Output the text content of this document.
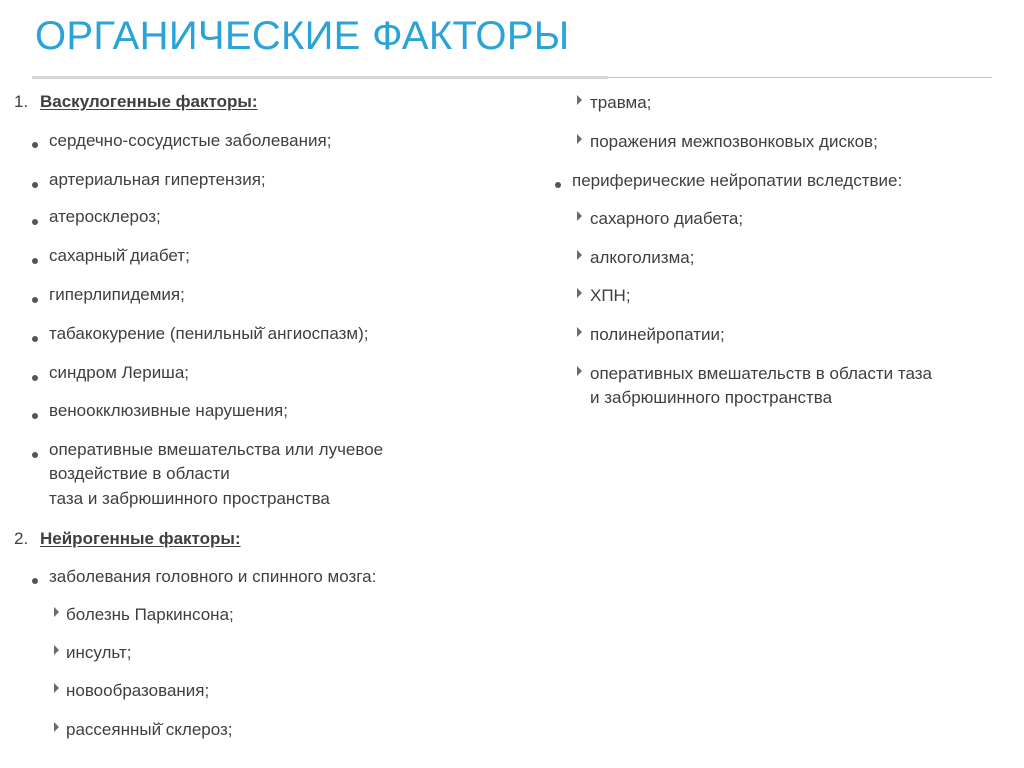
ОРГАНИЧЕСКИЕ ФАКТОРЫ
1. Васкулогенные факторы:
сердечно-сосудистые заболевания;
артериальная гипертензия;
атеросклероз;
сахарный̆ диабет;
гиперлипидемия;
табакокурение (пенильный̆ ангиоспазм);
синдром Лериша;
веноокклюзивные нарушения;
оперативные вмешательства или лучевое
воздействие в области
таза и забрюшинного пространства
2. Нейрогенные факторы:
заболевания головного и спинного мозга:
болезнь Паркинсона;
инсульт;
новообразования;
рассеянный̆ склероз;
травма;
поражения межпозвонковых дисков;
периферические нейропатии вследствие:
сахарного диабета;
алкоголизма;
ХПН;
полинейропатии;
оперативных вмешательств в области таза
и забрюшинного пространства
